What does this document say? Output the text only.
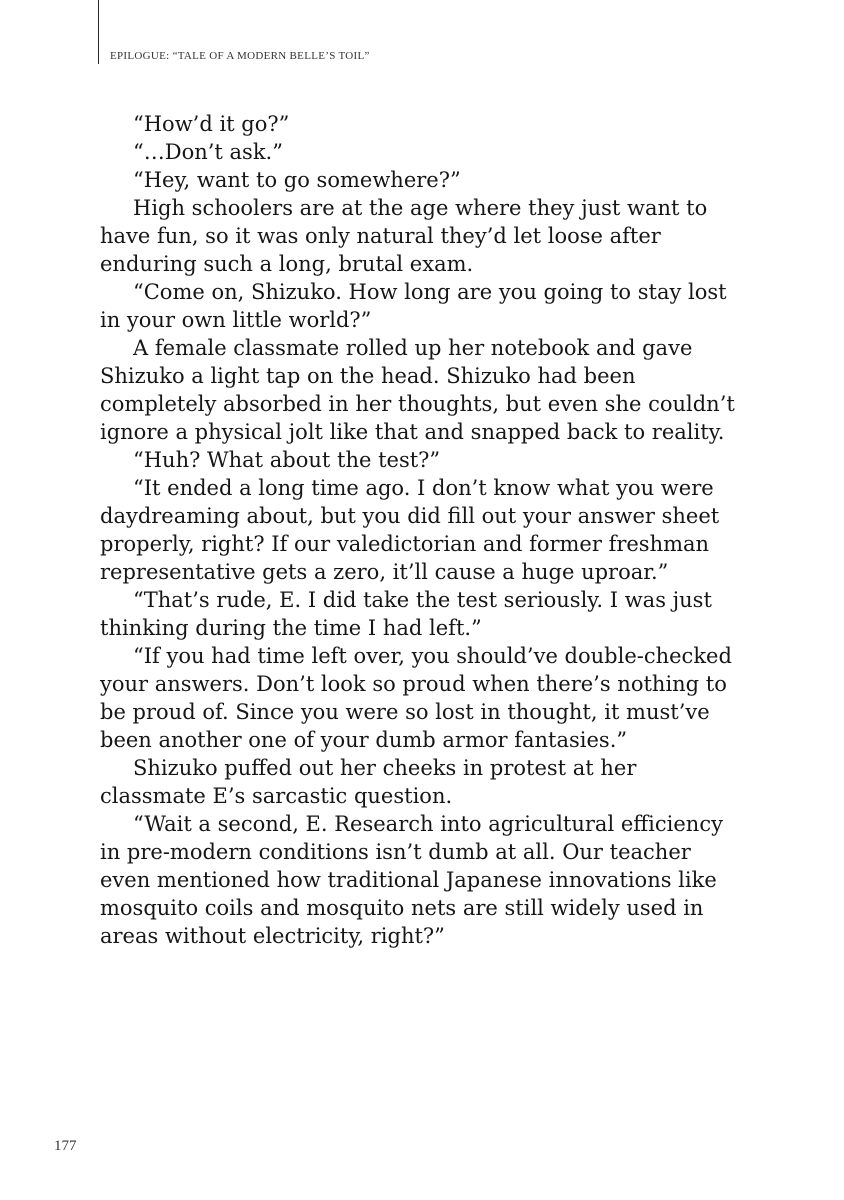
EPILOGUE: “TALE OF A MODERN BELLE’S TOIL”

“How’d it go?”

“…Don’t ask.”

“Hey, want to go somewhere?”

High schoolers are at the age where they just want to have fun, so it was only natural they’d let loose after enduring such a long, brutal exam.

“Come on, Shizuko. How long are you going to stay lost in your own little world?”

A female classmate rolled up her notebook and gave Shizuko a light tap on the head. Shizuko had been completely absorbed in her thoughts, but even she couldn’t ignore a physical jolt like that and snapped back to reality.

“Huh? What about the test?”

“It ended a long time ago. I don’t know what you were daydreaming about, but you did fill out your answer sheet properly, right? If our valedictorian and former freshman representative gets a zero, it’ll cause a huge uproar.”

“That’s rude, E. I did take the test seriously. I was just thinking during the time I had left.”

“If you had time left over, you should’ve double-checked your answers. Don’t look so proud when there’s nothing to be proud of. Since you were so lost in thought, it must’ve been another one of your dumb armor fantasies.”

Shizuko puffed out her cheeks in protest at her classmate E’s sarcastic question.

“Wait a second, E. Research into agricultural efficiency in pre-modern conditions isn’t dumb at all. Our teacher even mentioned how traditional Japanese innovations like mosquito coils and mosquito nets are still widely used in areas without electricity, right?”

177
